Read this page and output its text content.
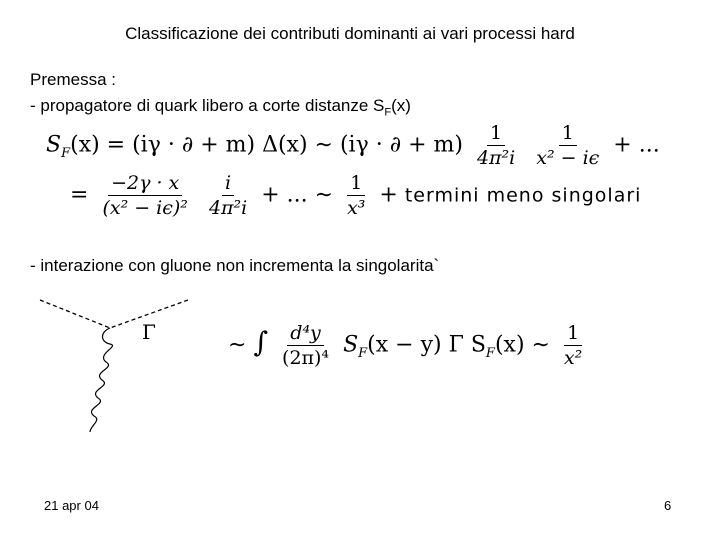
Classificazione dei contributi dominanti ai vari processi hard
Premessa :
- propagatore di quark libero a corte distanze $S_F(x)$
$S_F(x) = (i\gamma$ · ∂ + m) Δ(x) ∼ (iγ · ∂ + $m) \frac{1}{\text{4π²i}}$
$\frac{1}{\text{x² − iϵ}}$ + ...
= $\frac{-2\gamma \cdot x}{\text{(x² − iϵ)²}}$
$\frac{i}{\text{4π²i}}$ + ... ∼ $\frac{1}{\text{x³}} + termini$ meno singolari
- interazione con gluone non incrementa la singolarita`
Γ
∼ ∫ $\frac{\text{d⁴y}}{\text{(2π)⁴}} S_F(x - y)$ Γ $S_F(x)$ ∼ $\frac{1}{\text{x²}}$
21 apr 04	6
